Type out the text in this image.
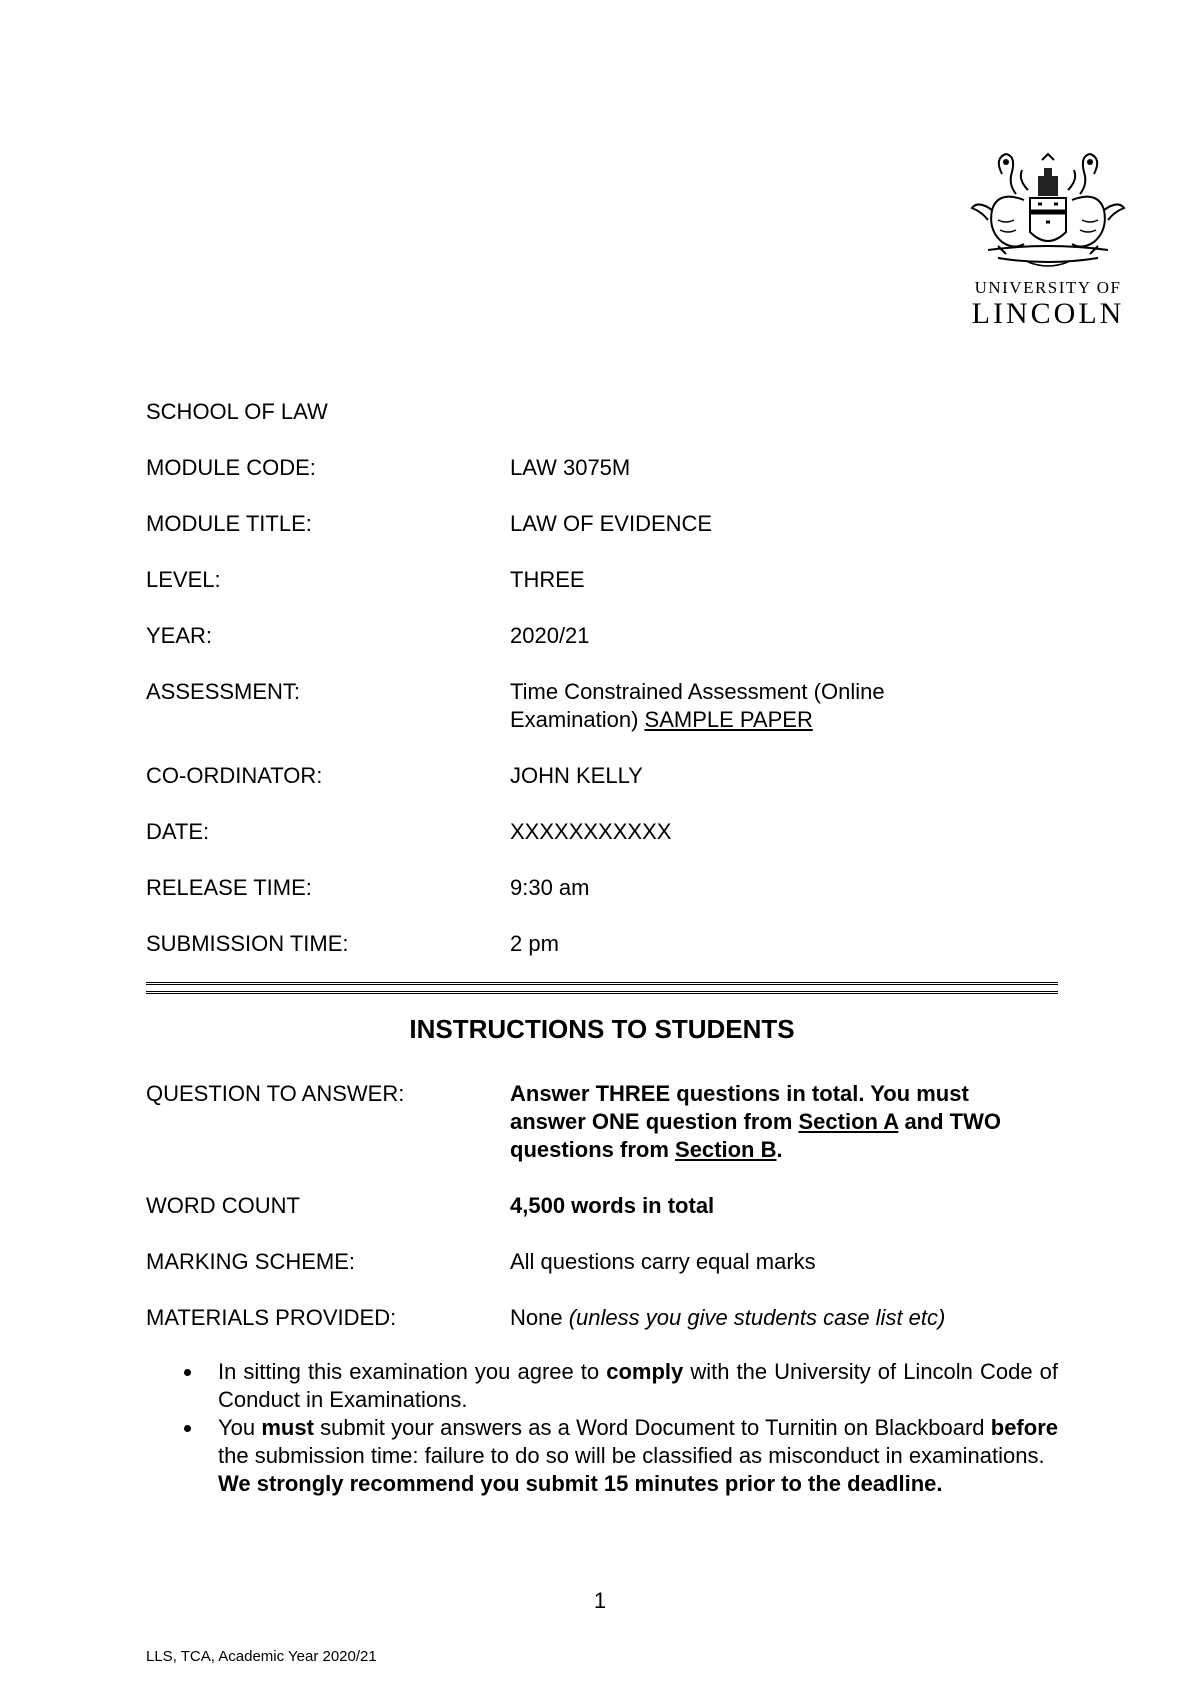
UNIVERSITY OF
LINCOLN
SCHOOL OF LAW
MODULE CODE:	LAW 3075M
MODULE TITLE:	LAW OF EVIDENCE
LEVEL:	THREE
YEAR:	2020/21
ASSESSMENT:	Time Constrained Assessment (Online Examination) SAMPLE PAPER
CO-ORDINATOR:	JOHN KELLY
DATE:	XXXXXXXXXXX
RELEASE TIME:	9:30 am
SUBMISSION TIME:	2 pm
INSTRUCTIONS TO STUDENTS
QUESTION TO ANSWER:	Answer THREE questions in total. You must answer ONE question from Section A and TWO questions from Section B.
WORD COUNT	4,500 words in total
MARKING SCHEME:	All questions carry equal marks
MATERIALS PROVIDED:	None (unless you give students case list etc)
In sitting this examination you agree to comply with the University of Lincoln Code of Conduct in Examinations.
You must submit your answers as a Word Document to Turnitin on Blackboard before the submission time: failure to do so will be classified as misconduct in examinations.
We strongly recommend you submit 15 minutes prior to the deadline.
1
LLS, TCA, Academic Year 2020/21
